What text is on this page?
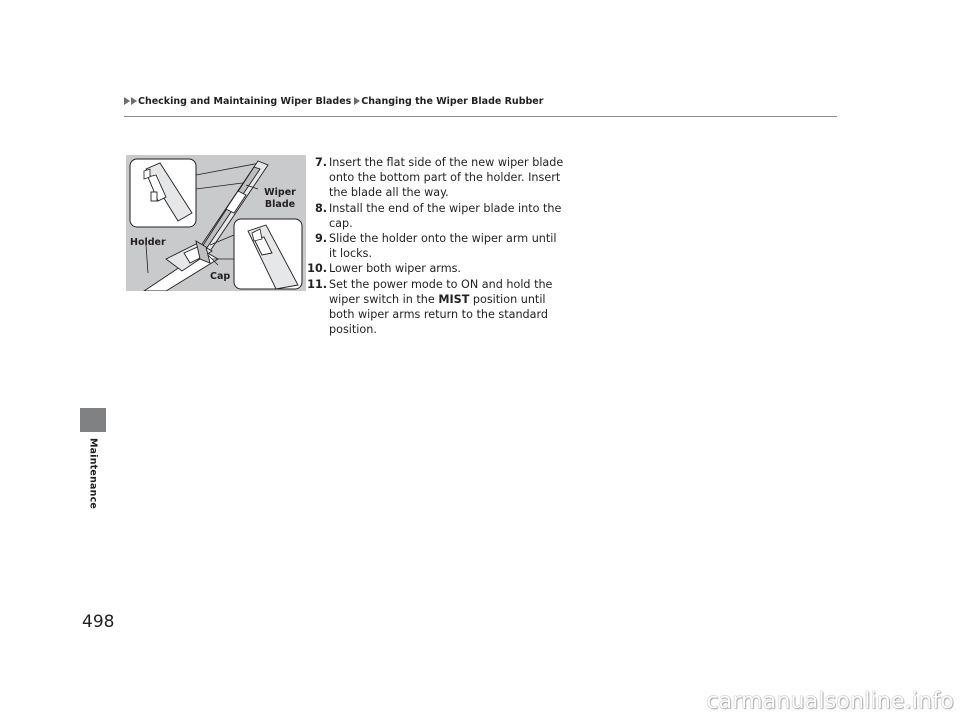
Checking and Maintaining Wiper Blades Changing the Wiper Blade Rubber
Maintenance
Wiper
Blade
Holder
Cap
7. Insert the flat side of the new wiper blade onto the bottom part of the holder. Insert the blade all the way.
8. Install the end of the wiper blade into the cap.
9. Slide the holder onto the wiper arm until it locks.
10. Lower both wiper arms.
11. Set the power mode to ON and hold the wiper switch in the MIST position until both wiper arms return to the standard position.
498
carmanualsonline.info
